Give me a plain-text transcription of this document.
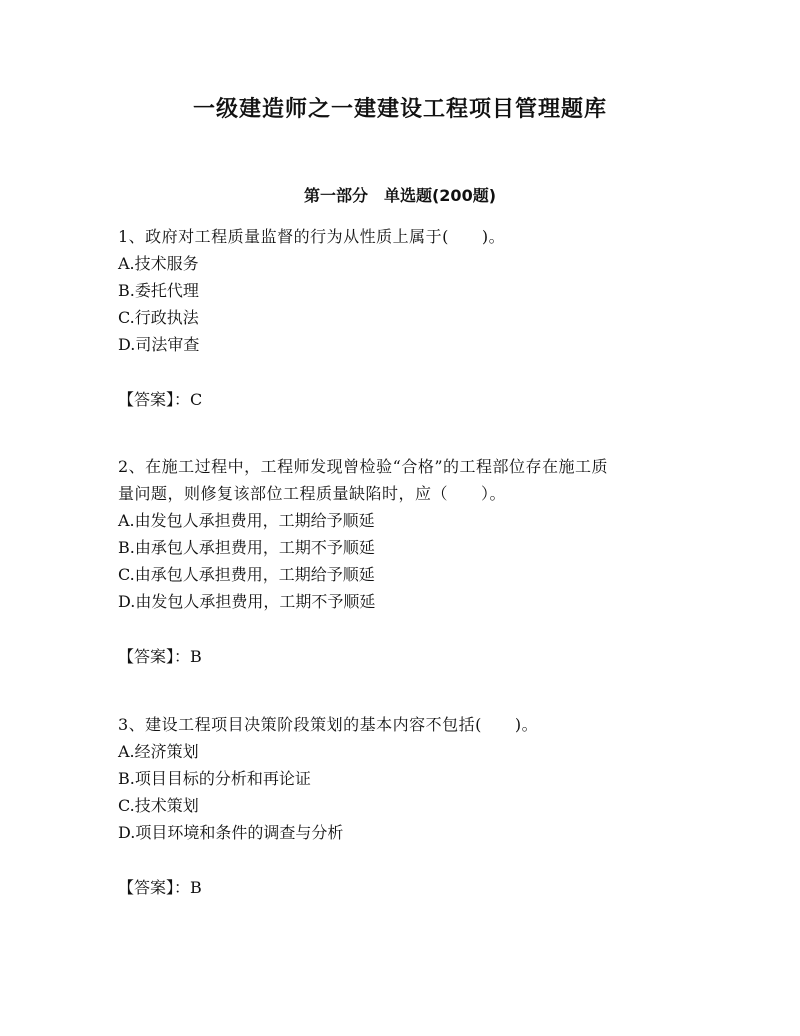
一级建造师之一建建设工程项目管理题库
第一部分　单选题(200题)
1、政府对工程质量监督的行为从性质上属于(　　)。
A.技术服务
B.委托代理
C.行政执法
D.司法审查
【答案】：C
2、在施工过程中，工程师发现曾检验“合格”的工程部位存在施工质
量问题，则修复该部位工程质量缺陷时，应（　　）。
A.由发包人承担费用，工期给予顺延
B.由承包人承担费用，工期不予顺延
C.由承包人承担费用，工期给予顺延
D.由发包人承担费用，工期不予顺延
【答案】：B
3、建设工程项目决策阶段策划的基本内容不包括(　　)。
A.经济策划
B.项目目标的分析和再论证
C.技术策划
D.项目环境和条件的调查与分析
【答案】：B
